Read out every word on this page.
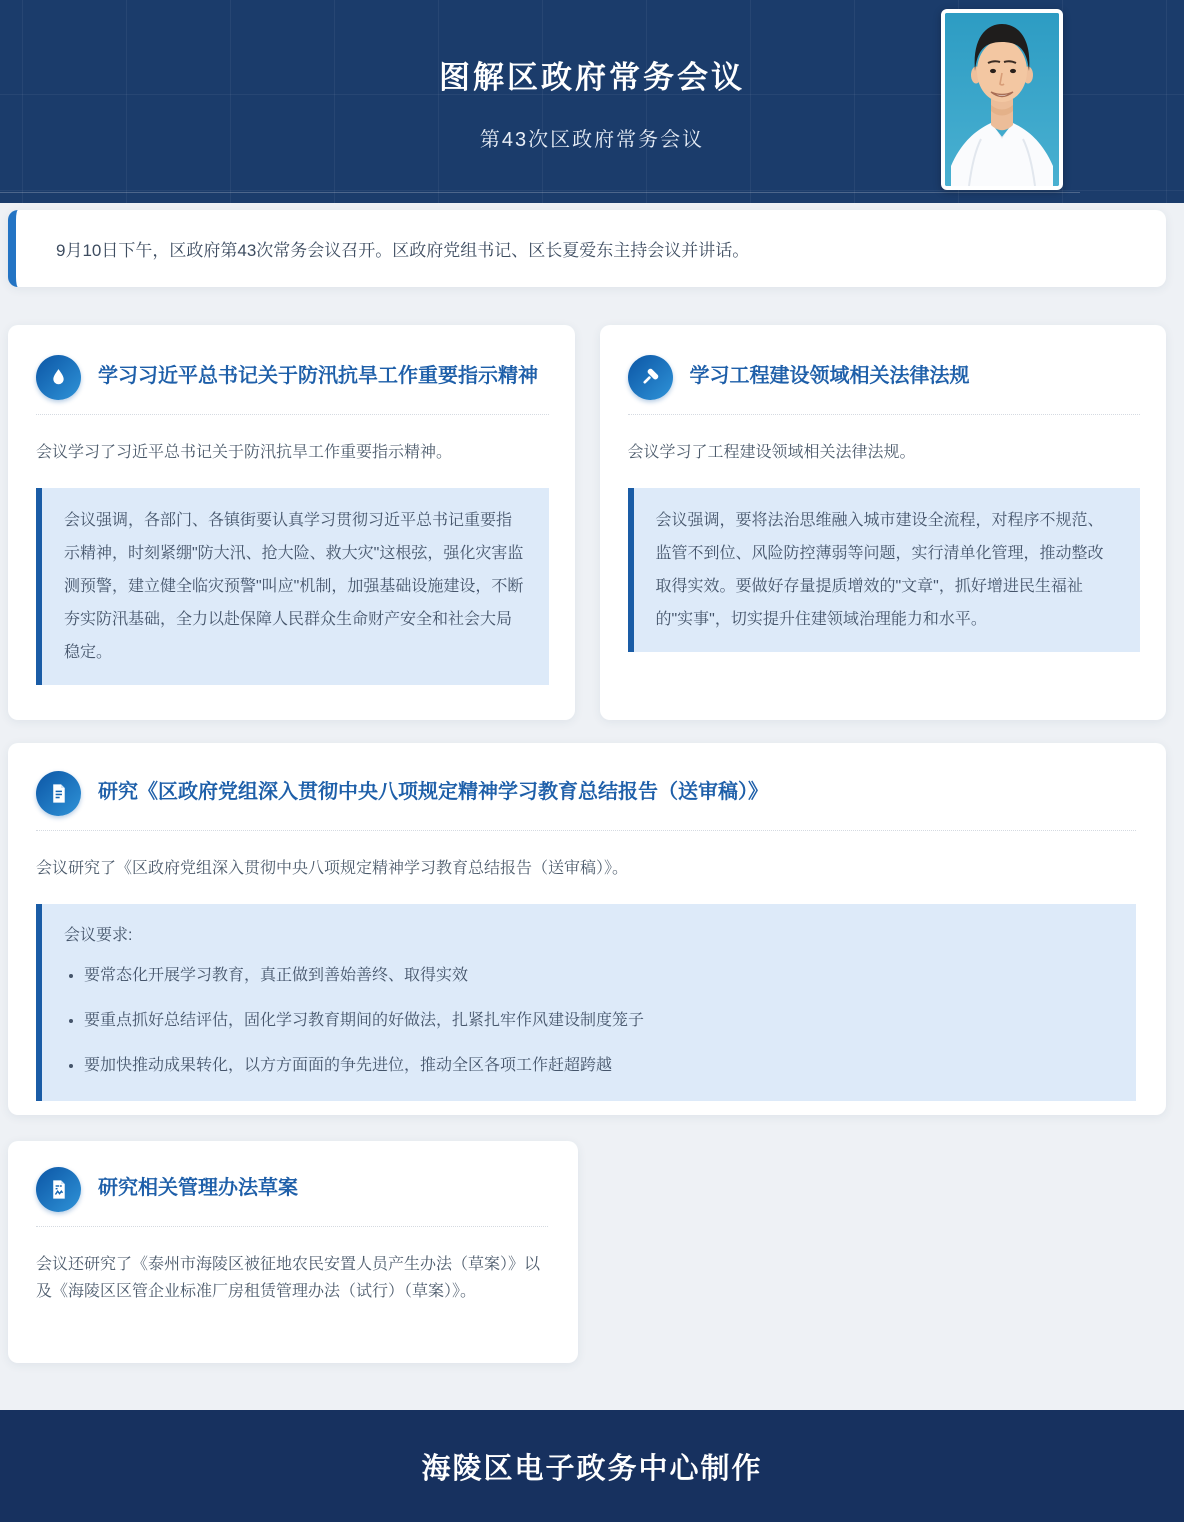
图解区政府常务会议
第43次区政府常务会议

9月10日下午，区政府第43次常务会议召开。区政府党组书记、区长夏爱东主持会议并讲话。

学习习近平总书记关于防汛抗旱工作重要指示精神

会议学习了习近平总书记关于防汛抗旱工作重要指示精神。

会议强调，各部门、各镇街要认真学习贯彻习近平总书记重要指示精神，时刻紧绷"防大汛、抢大险、救大灾"这根弦，强化灾害监测预警，建立健全临灾预警"叫应"机制，加强基础设施建设，不断夯实防汛基础，全力以赴保障人民群众生命财产安全和社会大局稳定。

学习工程建设领域相关法律法规

会议学习了工程建设领域相关法律法规。

会议强调，要将法治思维融入城市建设全流程，对程序不规范、监管不到位、风险防控薄弱等问题，实行清单化管理，推动整改取得实效。要做好存量提质增效的"文章"，抓好增进民生福祉的"实事"，切实提升住建领域治理能力和水平。

研究《区政府党组深入贯彻中央八项规定精神学习教育总结报告（送审稿）》

会议研究了《区政府党组深入贯彻中央八项规定精神学习教育总结报告（送审稿）》。

会议要求:
• 要常态化开展学习教育，真正做到善始善终、取得实效
• 要重点抓好总结评估，固化学习教育期间的好做法，扎紧扎牢作风建设制度笼子
• 要加快推动成果转化，以方方面面的争先进位，推动全区各项工作赶超跨越
研究相关管理办法草案

会议还研究了《泰州市海陵区被征地农民安置人员产生办法（草案）》以及《海陵区区管企业标准厂房租赁管理办法（试行）（草案）》。

海陵区电子政务中心制作
